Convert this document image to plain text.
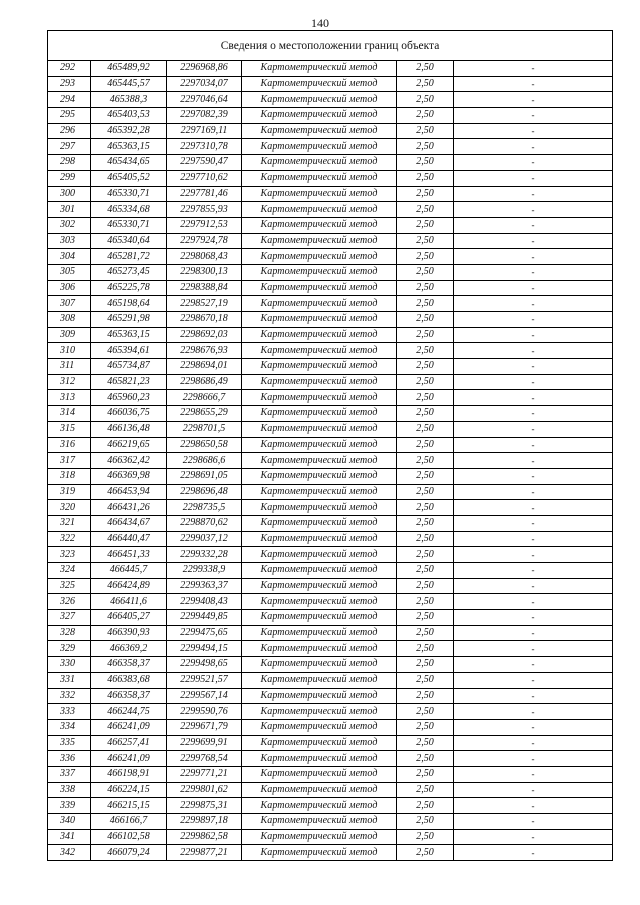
140
Сведения о местоположении границ объекта					
292	465489,92	2296968,86	Картометрический метод	2,50	-
293	465445,57	2297034,07	Картометрический метод	2,50	-
294	465388,3	2297046,64	Картометрический метод	2,50	-
295	465403,53	2297082,39	Картометрический метод	2,50	-
296	465392,28	2297169,11	Картометрический метод	2,50	-
297	465363,15	2297310,78	Картометрический метод	2,50	-
298	465434,65	2297590,47	Картометрический метод	2,50	-
299	465405,52	2297710,62	Картометрический метод	2,50	-
300	465330,71	2297781,46	Картометрический метод	2,50	-
301	465334,68	2297855,93	Картометрический метод	2,50	-
302	465330,71	2297912,53	Картометрический метод	2,50	-
303	465340,64	2297924,78	Картометрический метод	2,50	-
304	465281,72	2298068,43	Картометрический метод	2,50	-
305	465273,45	2298300,13	Картометрический метод	2,50	-
306	465225,78	2298388,84	Картометрический метод	2,50	-
307	465198,64	2298527,19	Картометрический метод	2,50	-
308	465291,98	2298670,18	Картометрический метод	2,50	-
309	465363,15	2298692,03	Картометрический метод	2,50	-
310	465394,61	2298676,93	Картометрический метод	2,50	-
311	465734,87	2298694,01	Картометрический метод	2,50	-
312	465821,23	2298686,49	Картометрический метод	2,50	-
313	465960,23	2298666,7	Картометрический метод	2,50	-
314	466036,75	2298655,29	Картометрический метод	2,50	-
315	466136,48	2298701,5	Картометрический метод	2,50	-
316	466219,65	2298650,58	Картометрический метод	2,50	-
317	466362,42	2298686,6	Картометрический метод	2,50	-
318	466369,98	2298691,05	Картометрический метод	2,50	-
319	466453,94	2298696,48	Картометрический метод	2,50	-
320	466431,26	2298735,5	Картометрический метод	2,50	-
321	466434,67	2298870,62	Картометрический метод	2,50	-
322	466440,47	2299037,12	Картометрический метод	2,50	-
323	466451,33	2299332,28	Картометрический метод	2,50	-
324	466445,7	2299338,9	Картометрический метод	2,50	-
325	466424,89	2299363,37	Картометрический метод	2,50	-
326	466411,6	2299408,43	Картометрический метод	2,50	-
327	466405,27	2299449,85	Картометрический метод	2,50	-
328	466390,93	2299475,65	Картометрический метод	2,50	-
329	466369,2	2299494,15	Картометрический метод	2,50	-
330	466358,37	2299498,65	Картометрический метод	2,50	-
331	466383,68	2299521,57	Картометрический метод	2,50	-
332	466358,37	2299567,14	Картометрический метод	2,50	-
333	466244,75	2299590,76	Картометрический метод	2,50	-
334	466241,09	2299671,79	Картометрический метод	2,50	-
335	466257,41	2299699,91	Картометрический метод	2,50	-
336	466241,09	2299768,54	Картометрический метод	2,50	-
337	466198,91	2299771,21	Картометрический метод	2,50	-
338	466224,15	2299801,62	Картометрический метод	2,50	-
339	466215,15	2299875,31	Картометрический метод	2,50	-
340	466166,7	2299897,18	Картометрический метод	2,50	-
341	466102,58	2299862,58	Картометрический метод	2,50	-
342	466079,24	2299877,21	Картометрический метод	2,50	-
